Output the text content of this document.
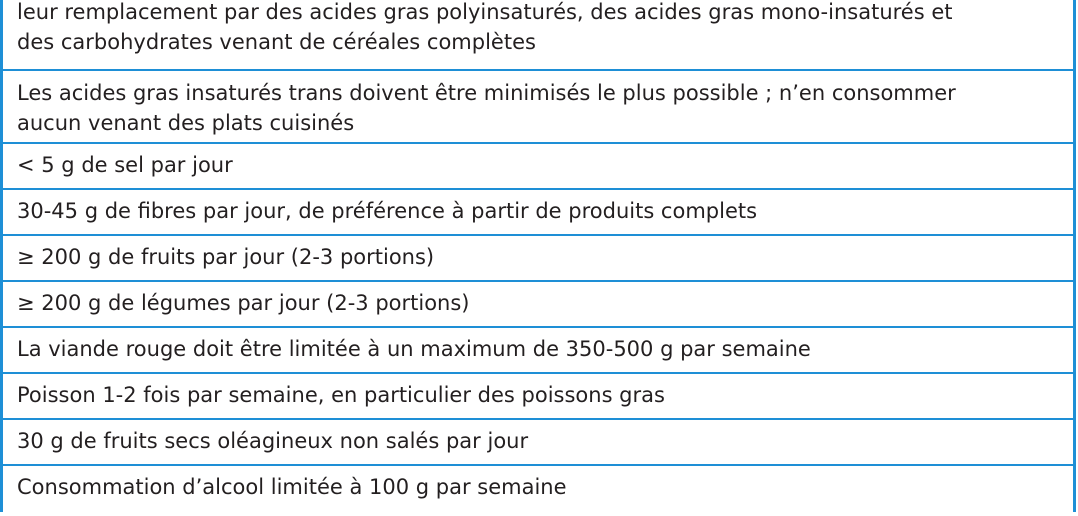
leur remplacement par des acides gras polyinsaturés, des acides gras mono-insaturés et
des carbohydrates venant de céréales complètes
Les acides gras insaturés trans doivent être minimisés le plus possible ; n’en consommer
aucun venant des plats cuisinés
< 5 g de sel par jour
30-45 g de fibres par jour, de préférence à partir de produits complets
≥ 200 g de fruits par jour (2-3 portions)
≥ 200 g de légumes par jour (2-3 portions)
La viande rouge doit être limitée à un maximum de 350-500 g par semaine
Poisson 1-2 fois par semaine, en particulier des poissons gras
30 g de fruits secs oléagineux non salés par jour
Consommation d’alcool limitée à 100 g par semaine
